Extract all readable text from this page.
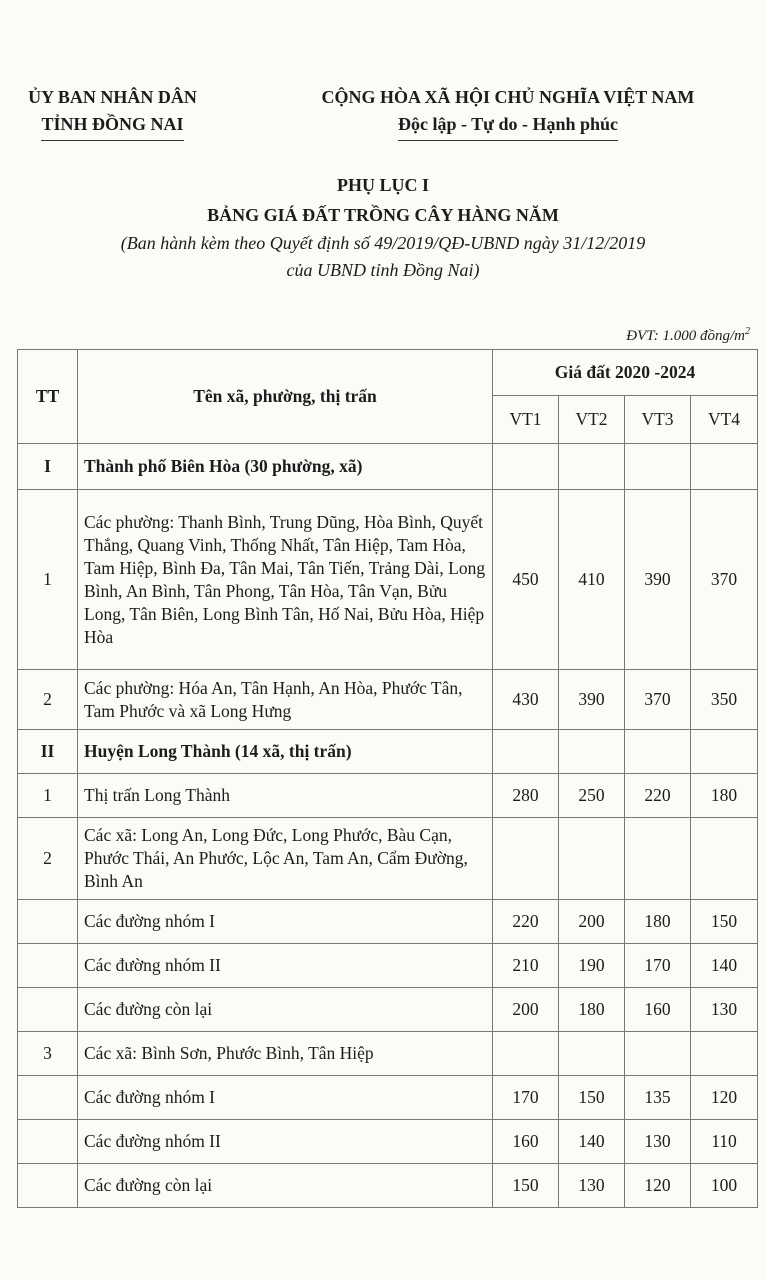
ỦY BAN NHÂN DÂN
TỈNH ĐỒNG NAI
CỘNG HÒA XÃ HỘI CHỦ NGHĨA VIỆT NAM
Độc lập - Tự do - Hạnh phúc
PHỤ LỤC I
BẢNG GIÁ ĐẤT TRỒNG CÂY HÀNG NĂM
(Ban hành kèm theo Quyết định số 49/2019/QĐ-UBND ngày 31/12/2019
của UBND tỉnh Đồng Nai)
ĐVT: 1.000 đồng/$m^2$
TT	Tên xã, phường, thị trấn	Giá đất 2020 -2024			
		VT1	VT2	VT3	VT4
I	Thành phố Biên Hòa (30 phường, xã)				
1	Các phường: Thanh Bình, Trung Dũng, Hòa Bình, Quyết Thắng, Quang Vinh, Thống Nhất, Tân Hiệp, Tam Hòa, Tam Hiệp, Bình Đa, Tân Mai, Tân Tiến, Trảng Dài, Long Bình, An Bình, Tân Phong, Tân Hòa, Tân Vạn, Bửu Long, Tân Biên, Long Bình Tân, Hố Nai, Bửu Hòa, Hiệp Hòa	450	410	390	370
2	Các phường: Hóa An, Tân Hạnh, An Hòa, Phước Tân, Tam Phước và xã Long Hưng	430	390	370	350
II	Huyện Long Thành (14 xã, thị trấn)				
1	Thị trấn Long Thành	280	250	220	180
2	Các xã: Long An, Long Đức, Long Phước, Bàu Cạn, Phước Thái, An Phước, Lộc An, Tam An, Cẩm Đường, Bình An				
	Các đường nhóm I	220	200	180	150
	Các đường nhóm II	210	190	170	140
	Các đường còn lại	200	180	160	130
3	Các xã: Bình Sơn, Phước Bình, Tân Hiệp				
	Các đường nhóm I	170	150	135	120
	Các đường nhóm II	160	140	130	110
	Các đường còn lại	150	130	120	100
